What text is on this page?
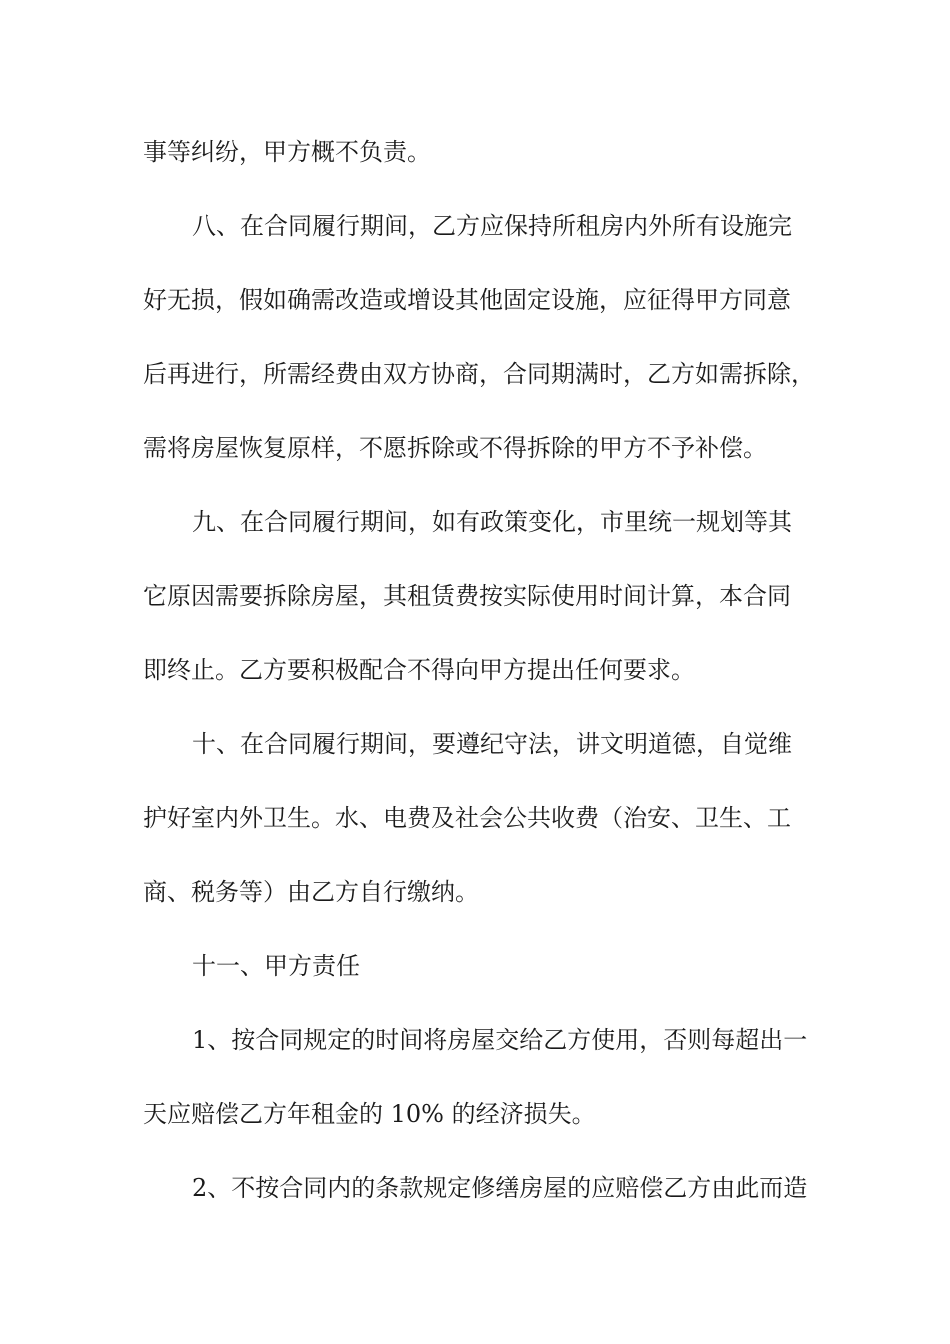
事等纠纷，甲方概不负责。

八、在合同履行期间，乙方应保持所租房内外所有设施完

好无损，假如确需改造或增设其他固定设施，应征得甲方同意

后再进行，所需经费由双方协商，合同期满时，乙方如需拆除，

需将房屋恢复原样，不愿拆除或不得拆除的甲方不予补偿。

九、在合同履行期间，如有政策变化，市里统一规划等其

它原因需要拆除房屋，其租赁费按实际使用时间计算，本合同

即终止。乙方要积极配合不得向甲方提出任何要求。

十、在合同履行期间，要遵纪守法，讲文明道德，自觉维

护好室内外卫生。水、电费及社会公共收费（治安、卫生、工

商、税务等）由乙方自行缴纳。

十一、甲方责任

1、按合同规定的时间将房屋交给乙方使用，否则每超出一

天应赔偿乙方年租金的 10% 的经济损失。

2、不按合同内的条款规定修缮房屋的应赔偿乙方由此而造
